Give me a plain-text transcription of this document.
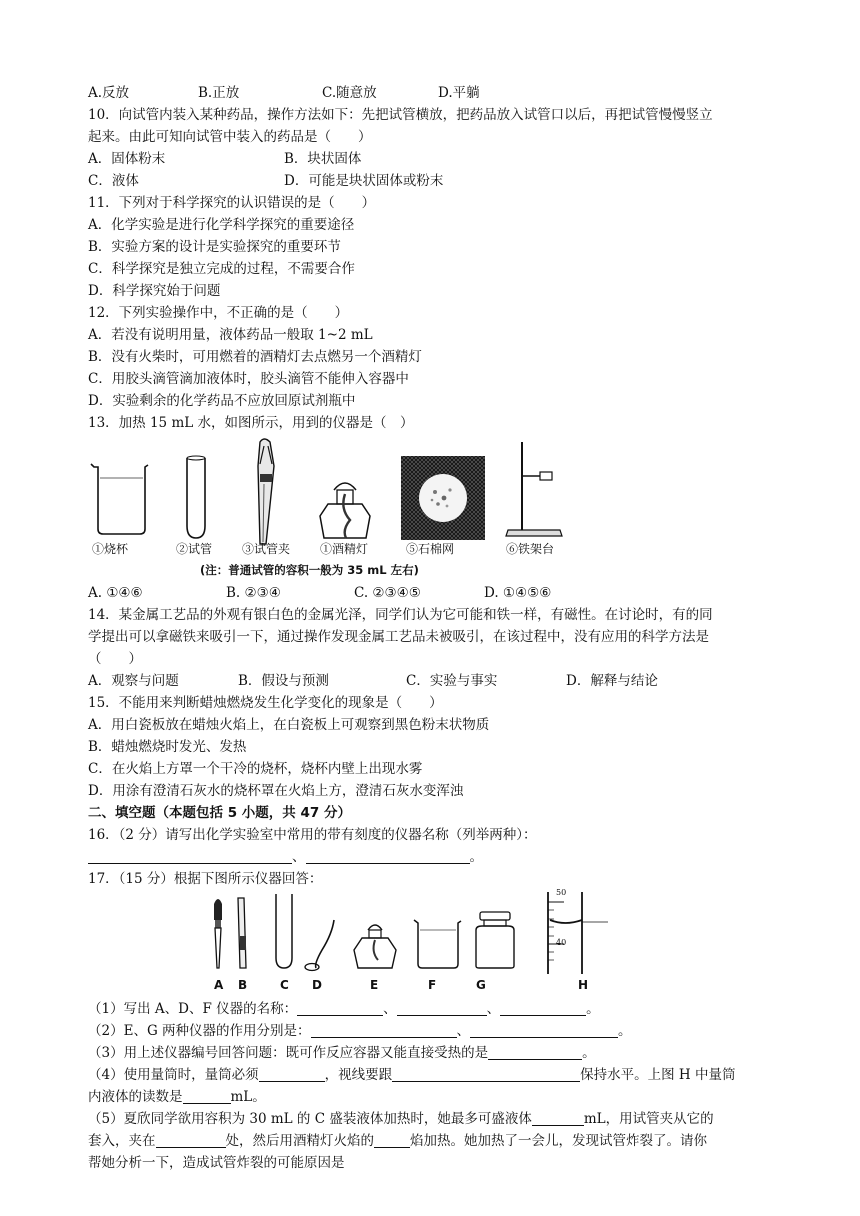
A.反放	B.正放	C.随意放	D.平躺
10．向试管内装入某种药品，操作方法如下：先把试管横放，把药品放入试管口以后，再把试管慢慢竖立
起来。由此可知向试管中装入的药品是（　　）
A．固体粉末	B．块状固体
C．液体	D．可能是块状固体或粉末
11．下列对于科学探究的认识错误的是（　　）
A．化学实验是进行化学科学探究的重要途径
B．实验方案的设计是实验探究的重要环节
C．科学探究是独立完成的过程，不需要合作
D．科学探究始于问题
12．下列实验操作中，不正确的是（　　）
A．若没有说明用量，液体药品一般取 1~2 mL
B．没有火柴时，可用燃着的酒精灯去点燃另一个酒精灯
C．用胶头滴管滴加液体时，胶头滴管不能伸入容器中
D．实验剩余的化学药品不应放回原试剂瓶中
13．加热 15 mL 水，如图所示，用到的仪器是（　）
①烧杯	②试管 ③试管夹 ①酒精灯	⑤石棉网	⑥铁架台
(注：普通试管的容积一般为 35 mL 左右)
A. ①④⑥	B. ②③④	C. ②③④⑤	D. ①④⑤⑥
14．某金属工艺品的外观有银白色的金属光泽，同学们认为它可能和铁一样，有磁性。在讨论时，有的同
学提出可以拿磁铁来吸引一下，通过操作发现金属工艺品未被吸引，在该过程中，没有应用的科学方法是
（　　）
A．观察与问题	B．假设与预测	C．实验与事实	D．解释与结论
15．不能用来判断蜡烛燃烧发生化学变化的现象是（　　）
A．用白瓷板放在蜡烛火焰上，在白瓷板上可观察到黑色粉末状物质
B．蜡烛燃烧时发光、发热
C．在火焰上方罩一个干冷的烧杯，烧杯内壁上出现水雾
D．用涂有澄清石灰水的烧杯罩在火焰上方，澄清石灰水变浑浊
二、填空题（本题包括 5 小题，共 47 分）
16．（2 分）请写出化学实验室中常用的带有刻度的仪器名称（列举两种）：
、	。
17．（15 分）根据下图所示仪器回答：
50
40
A B	C D	E	F	G	H
（1）写出 A、D、F 仪器的名称：	、	、	。
（2）E、G 两种仪器的作用分别是：	、	。
（3）用上述仪器编号回答问题：既可作反应容器又能直接受热的是	。
（4）使用量筒时，量筒必须	，视线要跟	保持水平。上图 H 中量筒
内液体的读数是	mL。
（5）夏欣同学欲用容积为 30 mL 的 C 盛装液体加热时，她最多可盛液体	mL，用试管夹从它的
套入，夹在	处，然后用酒精灯火焰的	焰加热。她加热了一会儿，发现试管炸裂了。请你
帮她分析一下，造成试管炸裂的可能原因是
